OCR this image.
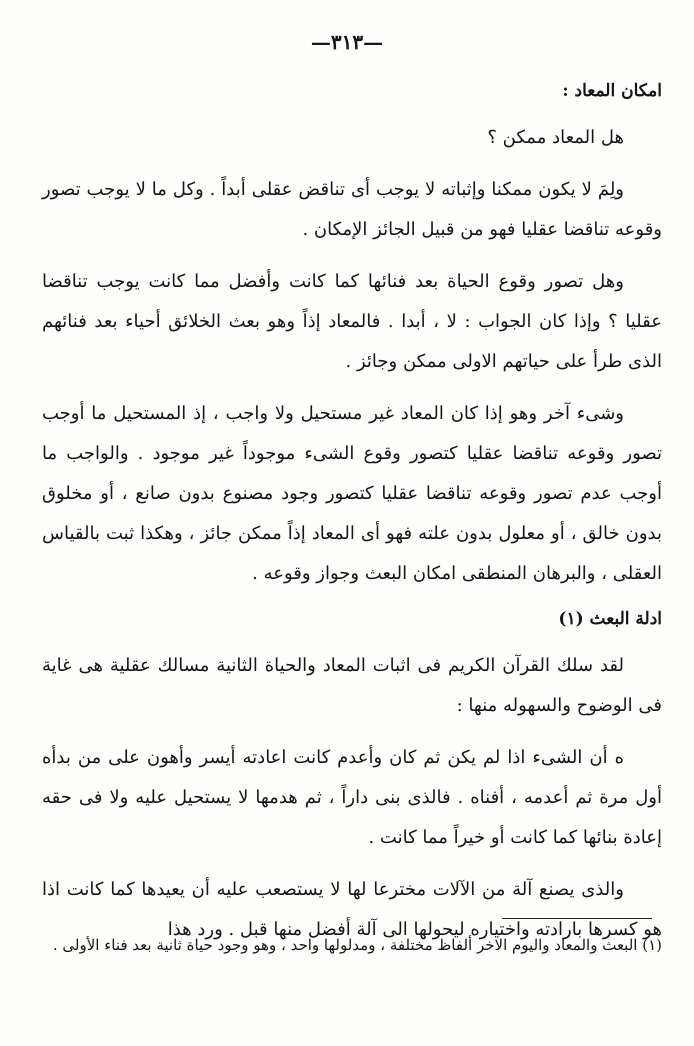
—٣١٣—
امكان المعاد :

هل المعاد ممكن ؟

ولِمَ لا يكون ممكنا وإثباته لا يوجب أى تناقض عقلى أبداً . وكل ما لا يوجب تصور وقوعه تناقضا عقليا فهو من قبيل الجائز الإمكان .

وهل تصور وقوع الحياة بعد فنائها كما كانت وأفضل مما كانت يوجب تناقضا عقليا ؟ وإذا كان الجواب : لا ، أبدا . فالمعاد إذاً وهو بعث الخلائق أحياء بعد فنائهم الذى طرأ على حياتهم الاولى ممكن وجائز .

وشىء آخر وهو إذا كان المعاد غير مستحيل ولا واجب ، إذ المستحيل ما أوجب تصور وقوعه تناقضا عقليا كتصور وقوع الشىء موجوداً غير موجود . والواجب ما أوجب عدم تصور وقوعه تناقضا عقليا كتصور وجود مصنوع بدون صانع ، أو مخلوق بدون خالق ، أو معلول بدون علته فهو أى المعاد إذاً ممكن جائز ، وهكذا ثبت بالقياس العقلى ، والبرهان المنطقى امكان البعث وجواز وقوعه .

ادلة البعث (١)

لقد سلك القرآن الكريم فى اثبات المعاد والحياة الثانية مسالك عقلية هى غاية فى الوضوح والسهوله منها :

ه أن الشىء اذا لم يكن ثم كان وأعدم كانت اعادته أيسر وأهون على من بدأه أول مرة ثم أعدمه ، أفناه . فالذى بنى داراً ، ثم هدمها لا يستحيل عليه ولا فى حقه إعادة بنائها كما كانت أو خيراً مما كانت .

والذى يصنع آلة من الآلات مخترعا لها لا يستصعب عليه أن يعيدها كما كانت اذا هو كسرها بارادته واختياره ليحولها الى آلة أفضل منها قبل . ورد هذا

(١) البعث والمعاد واليوم الاخر ألفاظ مختلفة ، ومدلولها واحد ، وهو وجود حياة ثانية بعد فناء الأولى .
